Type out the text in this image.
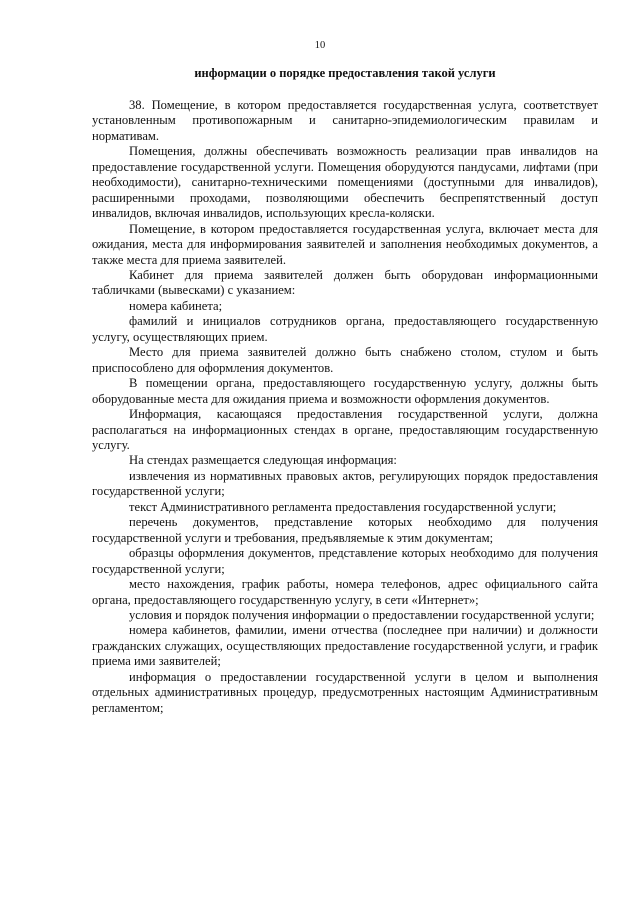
10
информации о порядке предоставления такой услуги

38. Помещение, в котором предоставляется государственная услуга, соответствует установленным противопожарным и санитарно-эпидемиологическим правилам и нормативам.

Помещения, должны обеспечивать возможность реализации прав инвалидов на предоставление государственной услуги. Помещения оборудуются пандусами, лифтами (при необходимости), санитарно-техническими помещениями (доступными для инвалидов), расширенными проходами, позволяющими обеспечить беспрепятственный доступ инвалидов, включая инвалидов, использующих кресла-коляски.

Помещение, в котором предоставляется государственная услуга, включает места для ожидания, места для информирования заявителей и заполнения необходимых документов, а также места для приема заявителей.

Кабинет для приема заявителей должен быть оборудован информационными табличками (вывесками) с указанием:

номера кабинета;

фамилий и инициалов сотрудников органа, предоставляющего государственную услугу, осуществляющих прием.

Место для приема заявителей должно быть снабжено столом, стулом и быть приспособлено для оформления документов.

В помещении органа, предоставляющего государственную услугу, должны быть оборудованные места для ожидания приема и возможности оформления документов.

Информация, касающаяся предоставления государственной услуги, должна располагаться на информационных стендах в органе, предоставляющим государственную услугу.

На стендах размещается следующая информация:

извлечения из нормативных правовых актов, регулирующих порядок предоставления государственной услуги;

текст Административного регламента предоставления государственной услуги;

перечень документов, представление которых необходимо для получения государственной услуги и требования, предъявляемые к этим документам;

образцы оформления документов, представление которых необходимо для получения государственной услуги;

место нахождения, график работы, номера телефонов, адрес официального сайта органа, предоставляющего государственную услугу, в сети «Интернет»;

условия и порядок получения информации о предоставлении государственной услуги;

номера кабинетов, фамилии, имени отчества (последнее при наличии) и должности гражданских служащих, осуществляющих предоставление государственной услуги, и график приема ими заявителей;

информация о предоставлении государственной услуги в целом и выполнения отдельных административных процедур, предусмотренных настоящим Административным регламентом;
